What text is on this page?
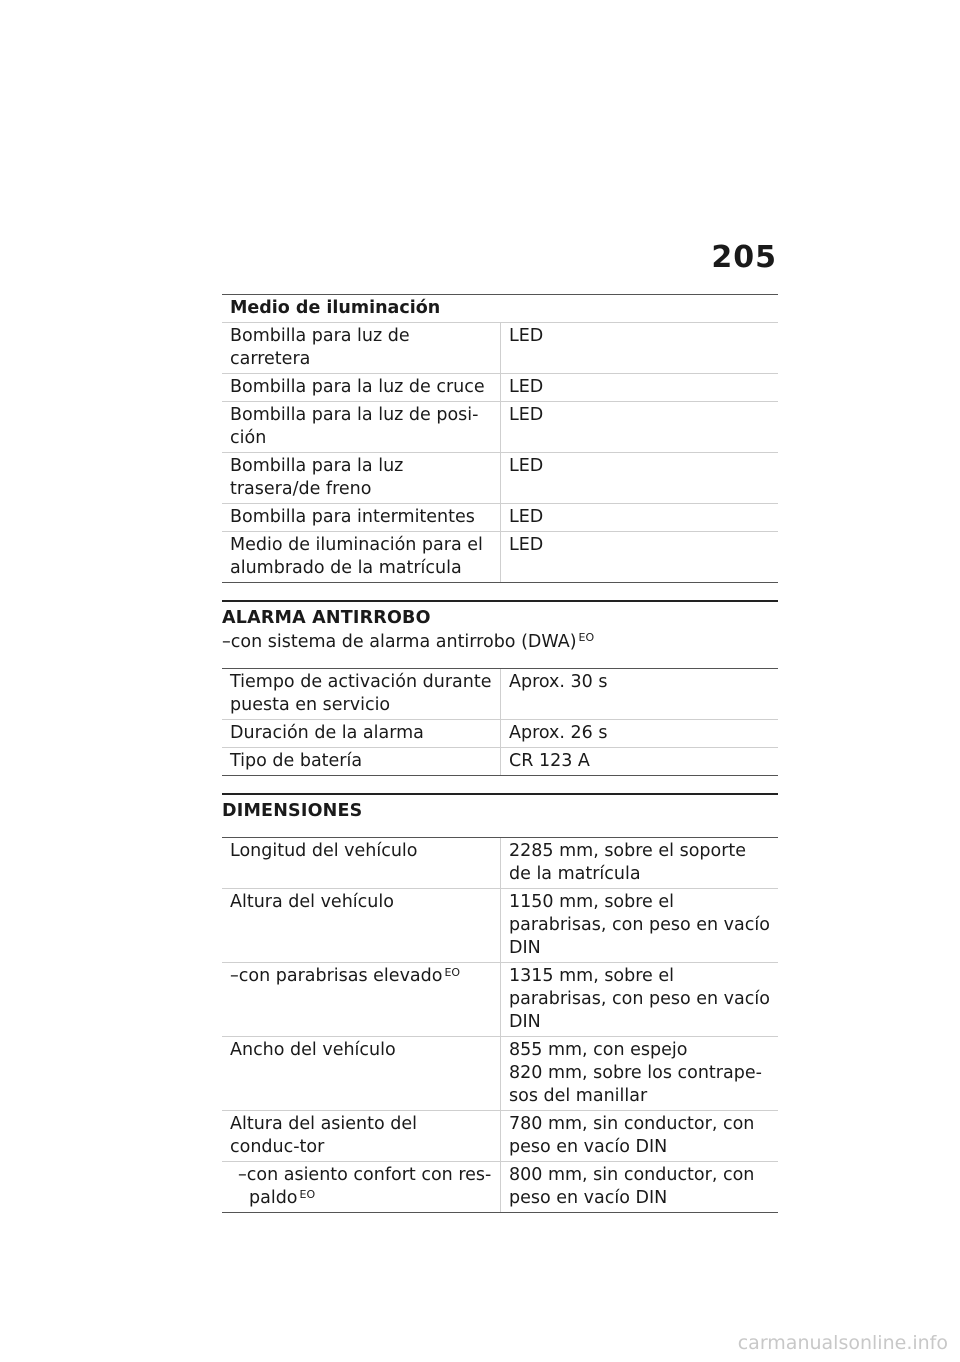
205
Medio de iluminación	
Bombilla para luz de carretera	LED
Bombilla para la luz de cruce	LED
Bombilla para la luz de posi-ción	LED
Bombilla para la luz trasera/de freno	LED
Bombilla para intermitentes	LED
Medio de iluminación para el alumbrado de la matrícula	LED
ALARMA ANTIRROBO
–con sistema de alarma antirrobo (DWA) $^{EO}$
Tiempo de activación durante puesta en servicio	Aprox. 30 s
Duración de la alarma	Aprox. 26 s
Tipo de batería	CR 123 A
DIMENSIONES
Longitud del vehículo	2285 mm, sobre el soporte de la matrícula
Altura del vehículo	1150 mm, sobre el parabrisas, con peso en vacío DIN
–con parabrisas elevado $^{EO}$	1315 mm, sobre el parabrisas, con peso en vacío DIN
Ancho del vehículo	855 mm, con espejo
820 mm, sobre los contrape-sos del manillar

Altura del asiento del conduc-tor	780 mm, sin conductor, con peso en vacío DIN

–con asiento confort con res-paldo $^{EO}$	800 mm, sin conductor, con peso en vacío DIN
carmanualsonline.info
